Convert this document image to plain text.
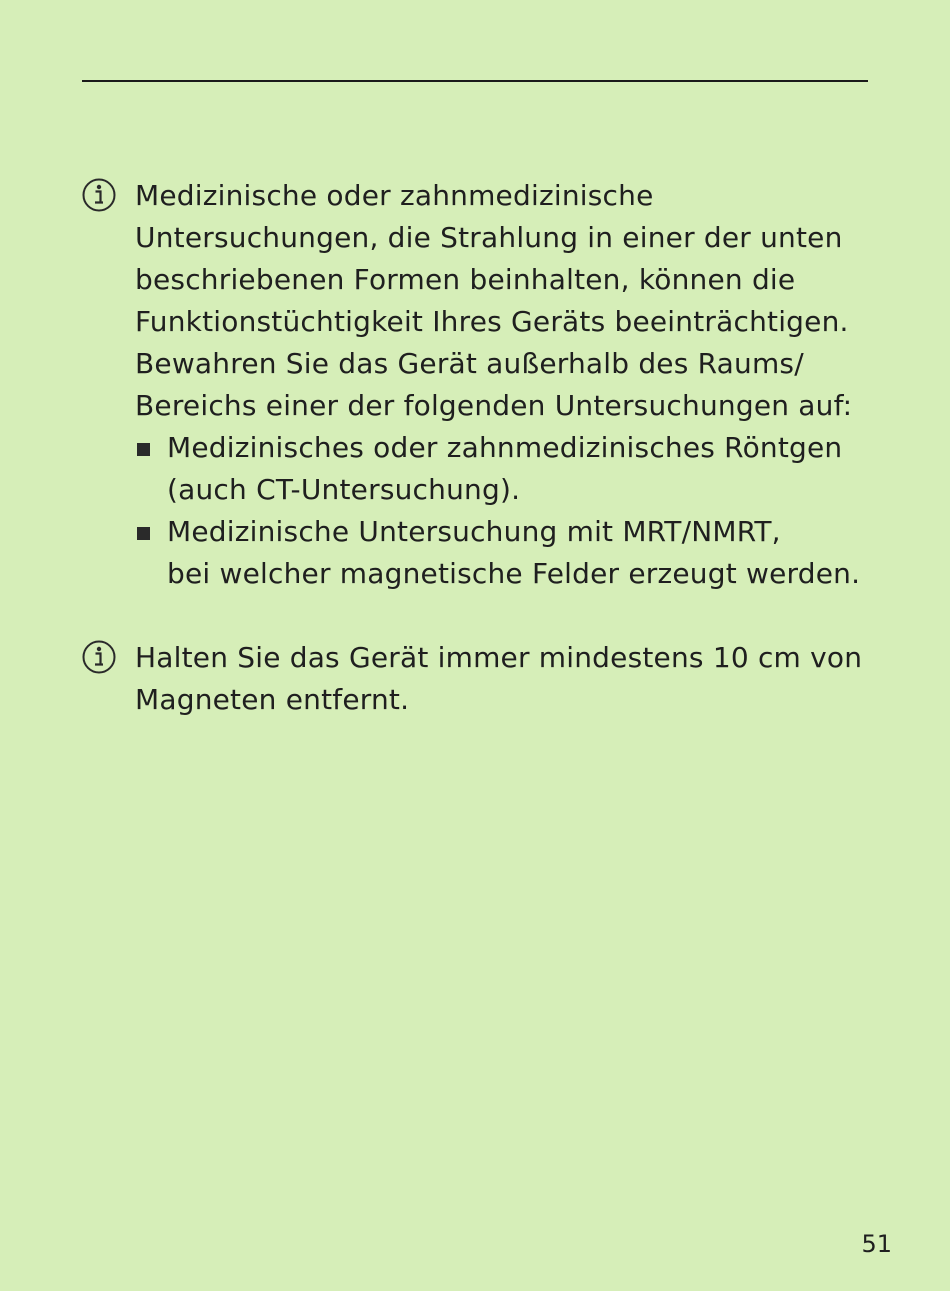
Medizinische oder zahnmedizinische
Untersuchungen, die Strahlung in einer der unten
beschriebenen Formen beinhalten, können die
Funktionstüchtigkeit Ihres Geräts beeinträchtigen.
Bewahren Sie das Gerät außerhalb des Raums/
Bereichs einer der folgenden Untersuchungen auf:
Medizinisches oder zahnmedizinisches Röntgen
(auch CT-Untersuchung).
Medizinische Untersuchung mit MRT/NMRT,
bei welcher magnetische Felder erzeugt werden.
Halten Sie das Gerät immer mindestens 10 cm von
Magneten entfernt.
51
